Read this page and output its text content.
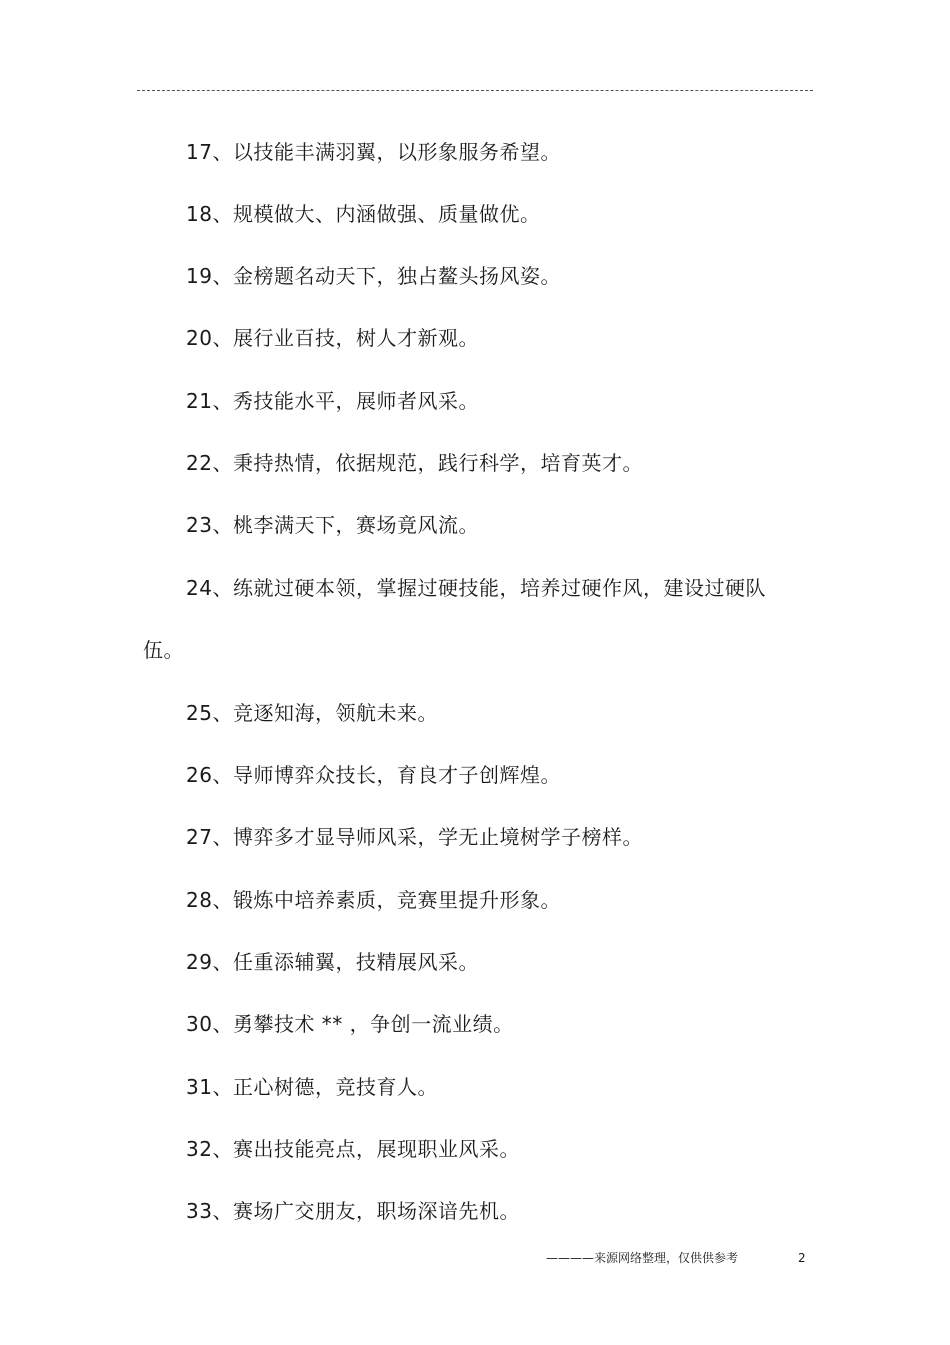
17、以技能丰满羽翼，以形象服务希望。
18、规模做大、内涵做强、质量做优。
19、金榜题名动天下，独占鳌头扬风姿。
20、展行业百技，树人才新观。
21、秀技能水平，展师者风采。
22、秉持热情，依据规范，践行科学，培育英才。
23、桃李满天下，赛场竟风流。
24、练就过硬本领，掌握过硬技能，培养过硬作风，建设过硬队
伍。
25、竞逐知海，领航未来。
26、导师博弈众技长，育良才子创辉煌。
27、博弈多才显导师风采，学无止境树学子榜样。
28、锻炼中培养素质，竞赛里提升形象。
29、任重添辅翼，技精展风采。
30、勇攀技术 ** ，争创一流业绩。
31、正心树德，竞技育人。
32、赛出技能亮点，展现职业风采。
33、赛场广交朋友，职场深谙先机。
————来源网络整理，仅供供参考	2
